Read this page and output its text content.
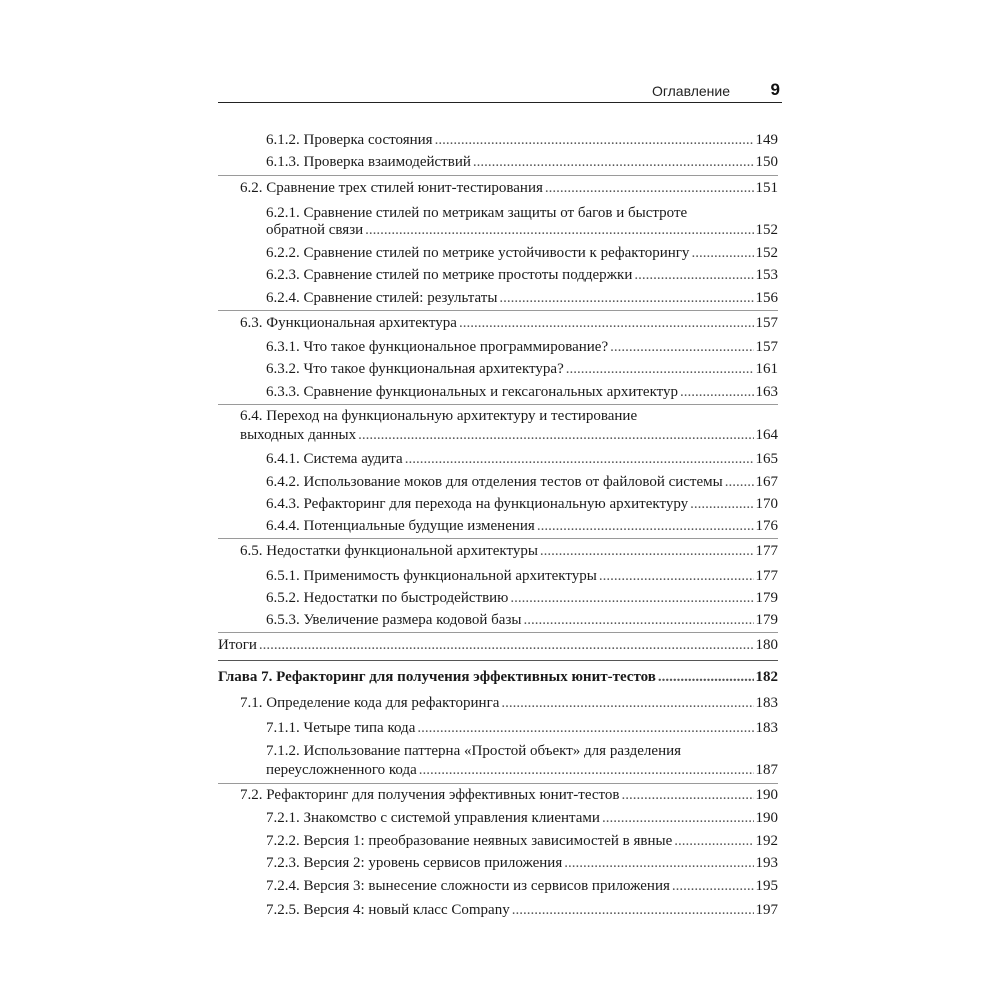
Оглавление 9
6.1.2. Проверка состояния .....	149
6.1.3. Проверка взаимодействий .....	150
6.2. Сравнение трех стилей юнит-тестирования .....	151
6.2.1. Сравнение стилей по метрикам защиты от багов и быстроте
обратной связи .....	152
6.2.2. Сравнение стилей по метрике устойчивости к рефакторингу .....	152
6.2.3. Сравнение стилей по метрике простоты поддержки .....	153
6.2.4. Сравнение стилей: результаты .....	156
6.3. Функциональная архитектура .....	157
6.3.1. Что такое функциональное программирование? .....	157
6.3.2. Что такое функциональная архитектура? .....	161
6.3.3. Сравнение функциональных и гексагональных архитектур .....	163
6.4. Переход на функциональную архитектуру и тестирование
выходных данных .....	164
6.4.1. Система аудита .....	165
6.4.2. Использование моков для отделения тестов от файловой системы ..... 167
6.4.3. Рефакторинг для перехода на функциональную архитектуру .....	170
6.4.4. Потенциальные будущие изменения .....	176
6.5. Недостатки функциональной архитектуры .....	177
6.5.1. Применимость функциональной архитектуры .....	177
6.5.2. Недостатки по быстродействию .....	179
6.5.3. Увеличение размера кодовой базы .....	179
Итоги .....	180
Глава 7. Рефакторинг для получения эффективных юнит-тестов .....	182
7.1. Определение кода для рефакторинга .....	183
7.1.1. Четыре типа кода .....	183
7.1.2. Использование паттерна «Простой объект» для разделения
переусложненного кода .....	187
7.2. Рефакторинг для получения эффективных юнит-тестов .....	190
7.2.1. Знакомство с системой управления клиентами .....	190
7.2.2. Версия 1: преобразование неявных зависимостей в явные .....	192
7.2.3. Версия 2: уровень сервисов приложения .....	193
7.2.4. Версия 3: вынесение сложности из сервисов приложения .....	195
7.2.5. Версия 4: новый класс Company .....	197
